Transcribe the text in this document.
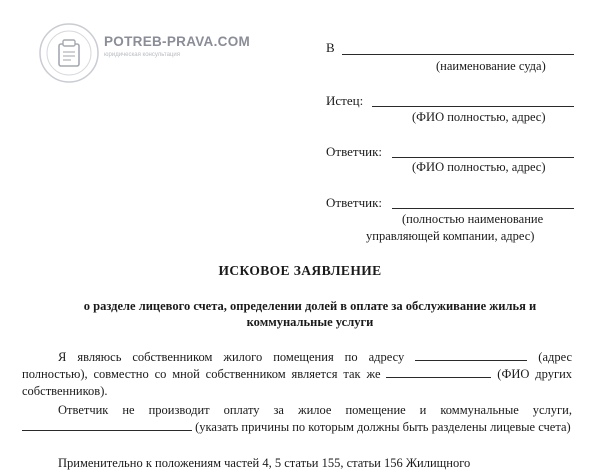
POTREB-PRAVA.COM
юридическая консультация	В
(наименование суда)
Истец:
(ФИО полностью, адрес)
Ответчик:
(ФИО полностью, адрес)
Ответчик:
(полностью наименование
управляющей компании, адрес)
ИСКОВОЕ ЗАЯВЛЕНИЕ
о разделе лицевого счета, определении долей в оплате за обслуживание жилья и коммунальные услуги
Я являюсь собственником жилого помещения по адресу	(адрес полностью), совместно со мной собственником является так же	(ФИО других собственников).
Ответчик не производит оплату за жилое помещение и коммунальные услуги,  (указать причины по которым должны быть разделены лицевые счета)
Применительно к положениям частей 4, 5 статьи 155, статьи 156 Жилищного
